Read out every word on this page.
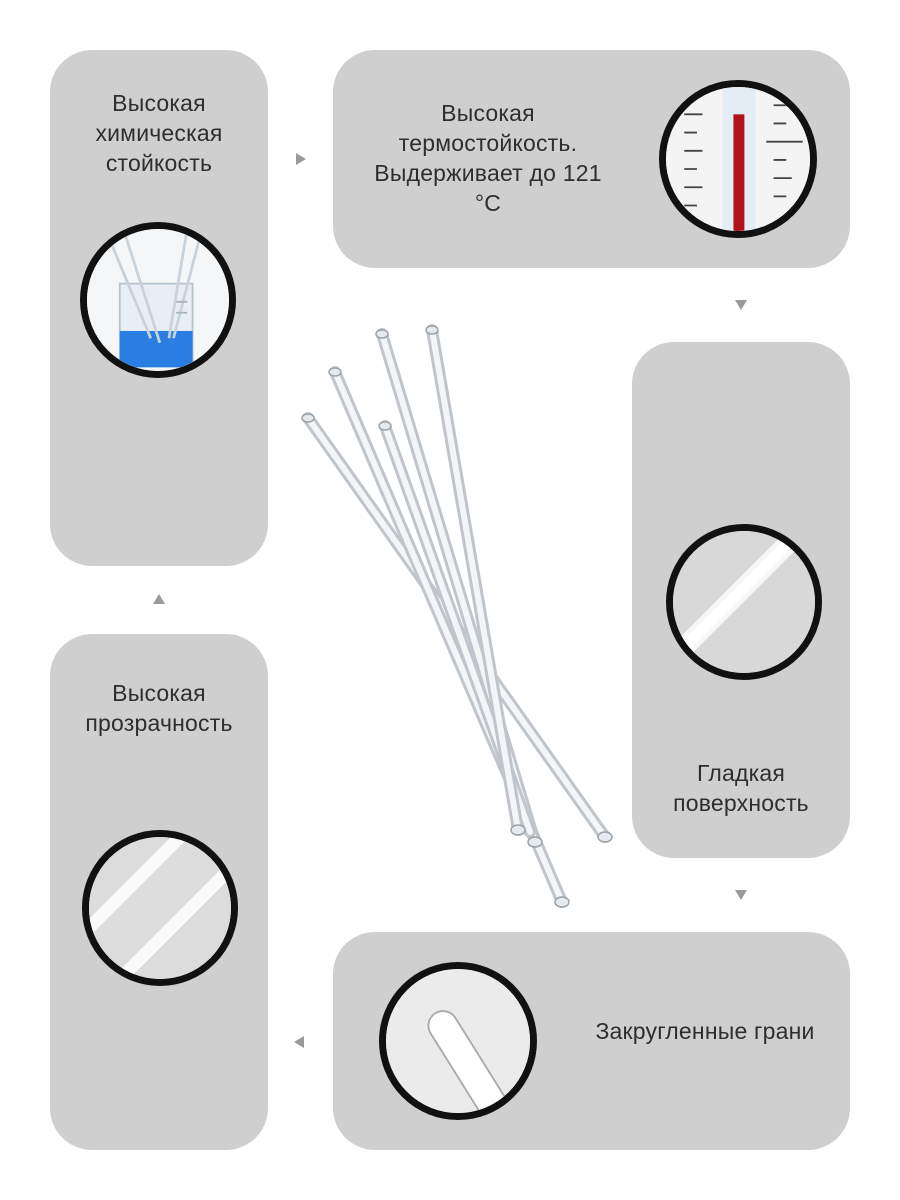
Высокая химическая стойкость
Высокая термостойкость. Выдерживает до 121 °C
Гладкая поверхность
Закругленные грани
Высокая прозрачность
